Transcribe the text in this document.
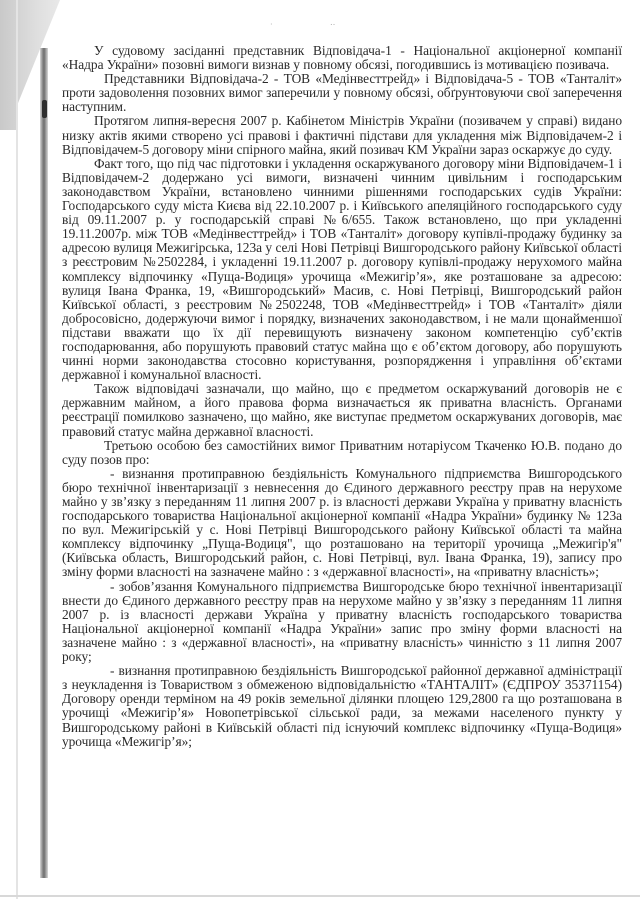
·	‥

У судовому засіданні представник Відповідача-1 - Національної акціонерної компанії «Надра України» позовні вимоги визнав у повному обсязі, погодившись із мотивацією позивача.

Представники Відповідача-2 - ТОВ «Медінвесттрейд» і Відповідача-5 - ТОВ «Танталіт» проти задоволення позовних вимог заперечили у повному обсязі, обґрунтовуючи свої заперечення наступним.

Протягом липня-вересня 2007 р. Кабінетом Міністрів України (позивачем у справі) видано низку актів якими створено усі правові і фактичні підстави для укладення між Відповідачем-2 і Відповідачем-5 договору міни спірного майна, який позивач КМ України зараз оскаржує до суду.

Факт того, що під час підготовки і укладення оскаржуваного договору міни Відповідачем-1 і Відповідачем-2 додержано усі вимоги, визначені чинним цивільним і господарським законодавством України, встановлено чинними рішеннями господарських судів України: Господарського суду міста Києва від 22.10.2007 р. і Київського апеляційного господарського суду від 09.11.2007 р. у господарській справі №6/655. Також встановлено, що при укладенні 19.11.2007р. між ТОВ «Медінвесттрейд» і ТОВ «Танталіт» договору купівлі-продажу будинку за адресою вулиця Межигірська, 123а у селі Нові Петрівці Вишгородського району Київської області з реєстровим №2502284, і укладенні 19.11.2007 р. договору купівлі-продажу нерухомого майна комплексу відпочинку «Пуща-Водиця» урочища «Межигір’я», яке розташоване за адресою: вулиця Івана Франка, 19, «Вишгородський» Масив, с. Нові Петрівці, Вишгородський район Київської області, з реєстровим №2502248, ТОВ «Медінвесттрейд» і ТОВ «Танталіт» діяли добросовісно, додержуючи вимог і порядку, визначених законодавством, і не мали щонайменшої підстави вважати що їх дії перевищують визначену законом компетенцію суб’єктів господарювання, або порушують правовий статус майна що є об’єктом договору, або порушують чинні норми законодавства стосовно користування, розпорядження і управління об’єктами державної і комунальної власності.

Також відповідачі зазначали, що майно, що є предметом оскаржуваний договорів не є державним майном, а його правова форма визначається як приватна власність. Органами реєстрації помилково зазначено, що майно, яке виступає предметом оскаржуваних договорів, має правовий статус майна державної власності.

Третьою особою без самостійних вимог Приватним нотаріусом Ткаченко Ю.В. подано до суду позов про:

- визнання протиправною бездіяльність Комунального підприємства Вишгородського бюро технічної інвентаризації з невнесення до Єдиного державного реєстру прав на нерухоме майно у зв’язку з переданням 11 липня 2007 р. із власності держави Україна у приватну власність господарського товариства Національної акціонерної компанії «Надра України» будинку № 123а по вул. Межигірській у с. Нові Петрівці Вишгородського району Київської області та майна комплексу відпочинку „Пуща-Водиця", що розташовано на території урочища „Межигір'я" (Київська область, Вишгородський район, с. Нові Петрівці, вул. Івана Франка, 19), запису про зміну форми власності на зазначене майно : з «державної власності», на «приватну власність»;

- зобов’язання Комунального підприємства Вишгородське бюро технічної інвентаризації внести до Єдиного державного реєстру прав на нерухоме майно у зв’язку з переданням 11 липня 2007 р. із власності держави Україна у приватну власність господарського товариства Національної акціонерної компанії «Надра України» запис про зміну форми власності на зазначене майно : з «державної власності», на «приватну власність» чинністю з 11 липня 2007 року;

- визнання протиправною бездіяльність Вишгородської районної державної адміністрації з неукладення із Товариством з обмеженою відповідальністю «ТАНТАЛІТ» (ЄДПРОУ 35371154) Договору оренди терміном на 49 років земельної ділянки площею 129,2800 га що розташована в урочищі «Межигір’я» Новопетрівської сільської ради, за межами населеного пункту у Вишгородському районі в Київській області під існуючий комплекс відпочинку «Пуща-Водиця» урочища «Межигір’я»;
